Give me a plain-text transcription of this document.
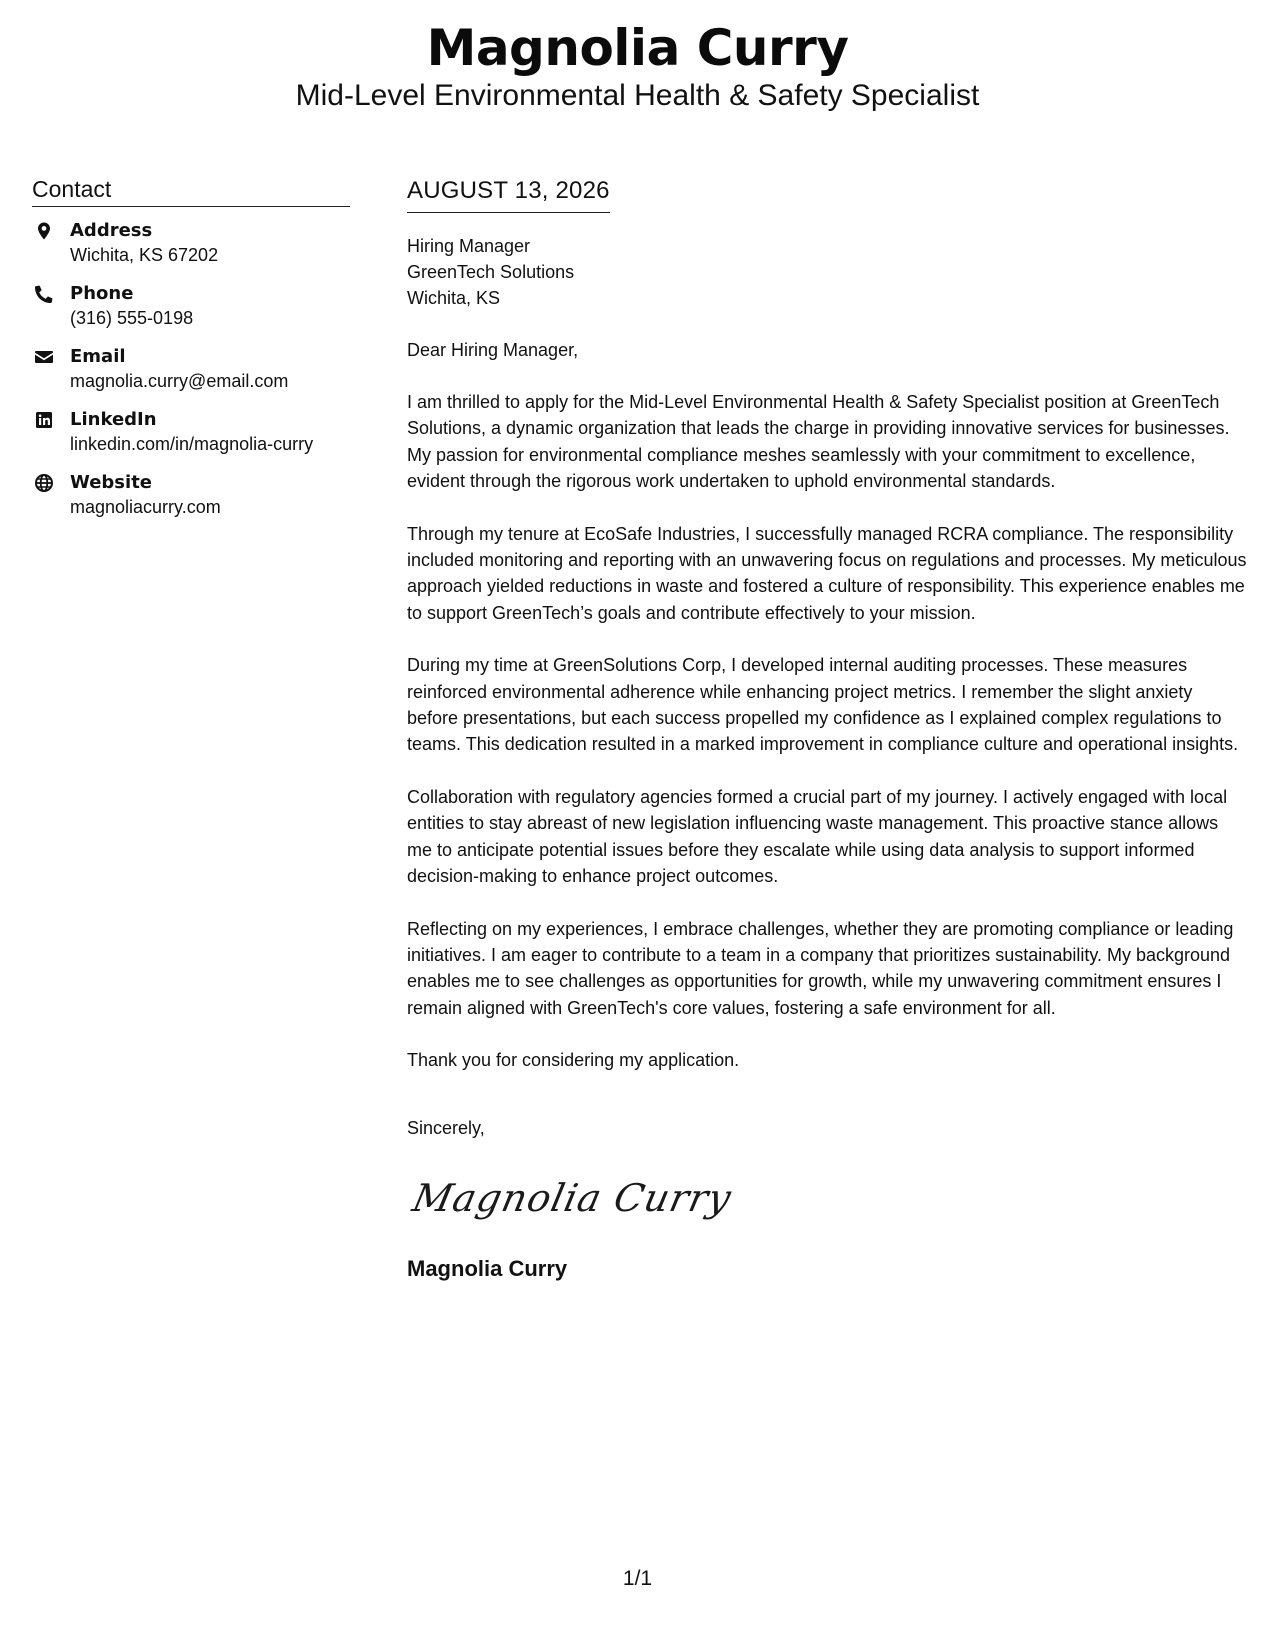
Magnolia Curry
Mid-Level Environmental Health & Safety Specialist
Contact
Address
Wichita, KS 67202
Phone
(316) 555-0198
Email
magnolia.curry@email.com
LinkedIn
linkedin.com/in/magnolia-curry
Website
magnoliacurry.com
AUGUST 13, 2026
Hiring Manager
GreenTech Solutions
Wichita, KS
Dear Hiring Manager,
I am thrilled to apply for the Mid-Level Environmental Health & Safety Specialist position at GreenTech Solutions, a dynamic organization that leads the charge in providing innovative services for businesses. My passion for environmental compliance meshes seamlessly with your commitment to excellence, evident through the rigorous work undertaken to uphold environmental standards.
Through my tenure at EcoSafe Industries, I successfully managed RCRA compliance. The responsibility included monitoring and reporting with an unwavering focus on regulations and processes. My meticulous approach yielded reductions in waste and fostered a culture of responsibility. This experience enables me to support GreenTech’s goals and contribute effectively to your mission.
During my time at GreenSolutions Corp, I developed internal auditing processes. These measures reinforced environmental adherence while enhancing project metrics. I remember the slight anxiety before presentations, but each success propelled my confidence as I explained complex regulations to teams. This dedication resulted in a marked improvement in compliance culture and operational insights.
Collaboration with regulatory agencies formed a crucial part of my journey. I actively engaged with local entities to stay abreast of new legislation influencing waste management. This proactive stance allows me to anticipate potential issues before they escalate while using data analysis to support informed decision-making to enhance project outcomes.
Reflecting on my experiences, I embrace challenges, whether they are promoting compliance or leading initiatives. I am eager to contribute to a team in a company that prioritizes sustainability. My background enables me to see challenges as opportunities for growth, while my unwavering commitment ensures I remain aligned with GreenTech's core values, fostering a safe environment for all.
Thank you for considering my application.
Sincerely,
Magnolia Curry
Magnolia Curry
1/1
